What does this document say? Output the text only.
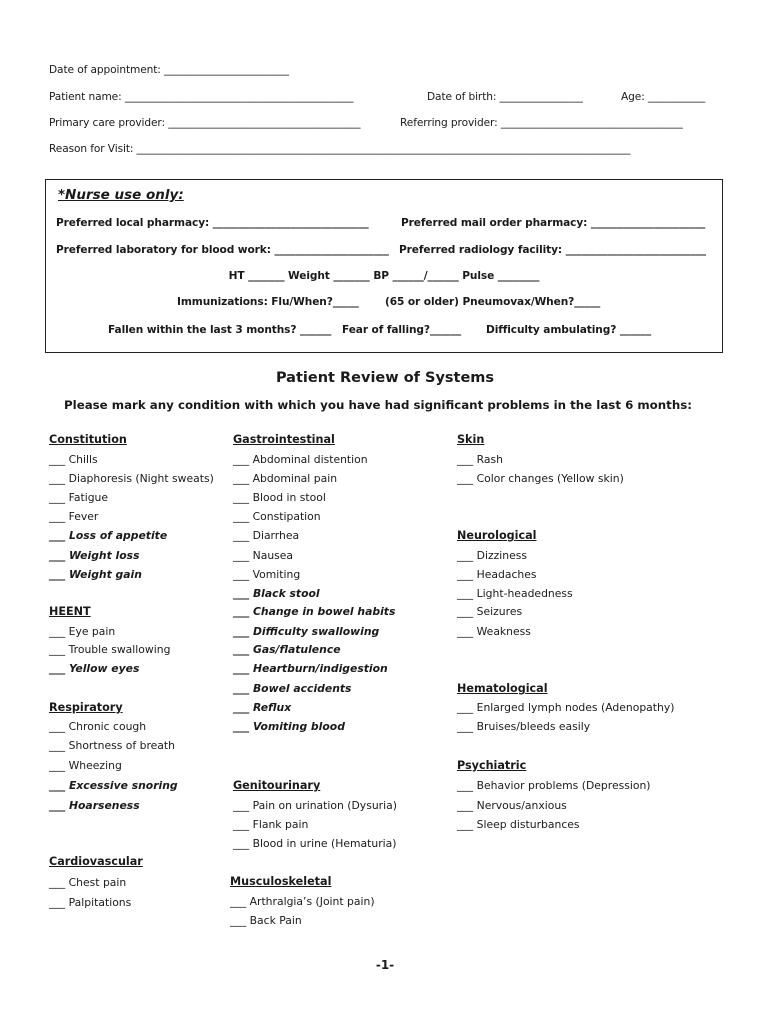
Date of appointment: ________________________
Patient name: ____________________________________________	Date of birth: ________________	Age: ___________
Primary care provider: _____________________________________	Referring provider: ___________________________________
Reason for Visit: _______________________________________________________________________________________________
*Nurse use only:
Preferred local pharmacy: ______________________________	Preferred mail order pharmacy: ______________________
Preferred laboratory for blood work: ______________________ Preferred radiology facility: ___________________________
HT _______ Weight _______ BP ______/______ Pulse ________
Immunizations: Flu/When?_____ (65 or older) Pneumovax/When?_____
Fallen within the last 3 months? ______ Fear of falling?______ Difficulty ambulating? ______
Patient Review of Systems
Please mark any condition with which you have had significant problems in the last 6 months:
Constitution
___ Chills
___ Diaphoresis (Night sweats)
___ Fatigue
___ Fever
___ Loss of appetite
___ Weight loss
___ Weight gain
HEENT
___ Eye pain
___ Trouble swallowing
___ Yellow eyes
Respiratory
___ Chronic cough
___ Shortness of breath
___ Wheezing
___ Excessive snoring
___ Hoarseness
Cardiovascular
___ Chest pain
___ Palpitations
Gastrointestinal
___ Abdominal distention
___ Abdominal pain
___ Blood in stool
___ Constipation
___ Diarrhea
___ Nausea
___ Vomiting
___ Black stool
___ Change in bowel habits
___ Difficulty swallowing
___ Gas/flatulence
___ Heartburn/indigestion
___ Bowel accidents
___ Reflux
___ Vomiting blood
Genitourinary
___ Pain on urination (Dysuria)
___ Flank pain
___ Blood in urine (Hematuria)
Musculoskeletal
___ Arthralgia’s (Joint pain)
___ Back Pain
Skin
___ Rash
___ Color changes (Yellow skin)
Neurological
___ Dizziness
___ Headaches
___ Light-headedness
___ Seizures
___ Weakness
Hematological
___ Enlarged lymph nodes (Adenopathy)
___ Bruises/bleeds easily
Psychiatric
___ Behavior problems (Depression)
___ Nervous/anxious
___ Sleep disturbances
-1-
